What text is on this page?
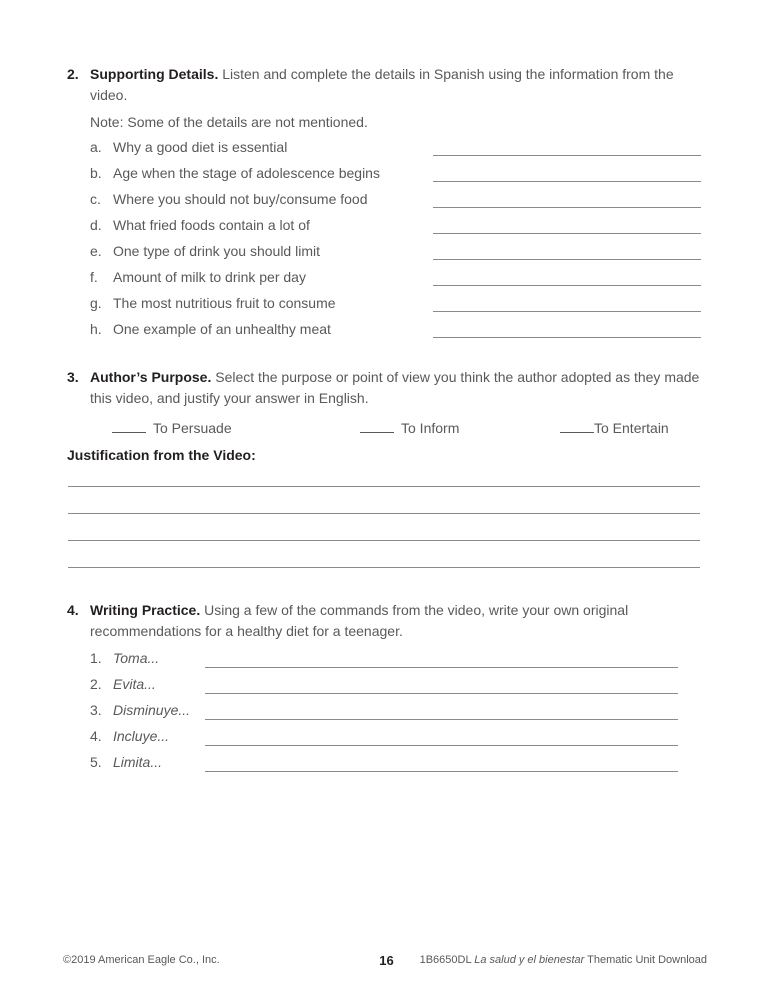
2. Supporting Details. Listen and complete the details in Spanish using the information from the video.
Note: Some of the details are not mentioned.
a. Why a good diet is essential
b. Age when the stage of adolescence begins
c. Where you should not buy/consume food
d. What fried foods contain a lot of
e. One type of drink you should limit
f.	Amount of milk to drink per day
g. The most nutritious fruit to consume
h. One example of an unhealthy meat
3. Author’s Purpose. Select the purpose or point of view you think the author adopted as they made this video, and justify your answer in English.
To Persuade	To Inform	To Entertain
Justification from the Video:
4. Writing Practice. Using a few of the commands from the video, write your own original recommendations for a healthy diet for a teenager.
1. Toma...
2. Evita...
3. Disminuye...
4. Incluye...
5. Limita...
©2019 American Eagle Co., Inc.	16	1B6650DL La salud y el bienestar Thematic Unit Download
